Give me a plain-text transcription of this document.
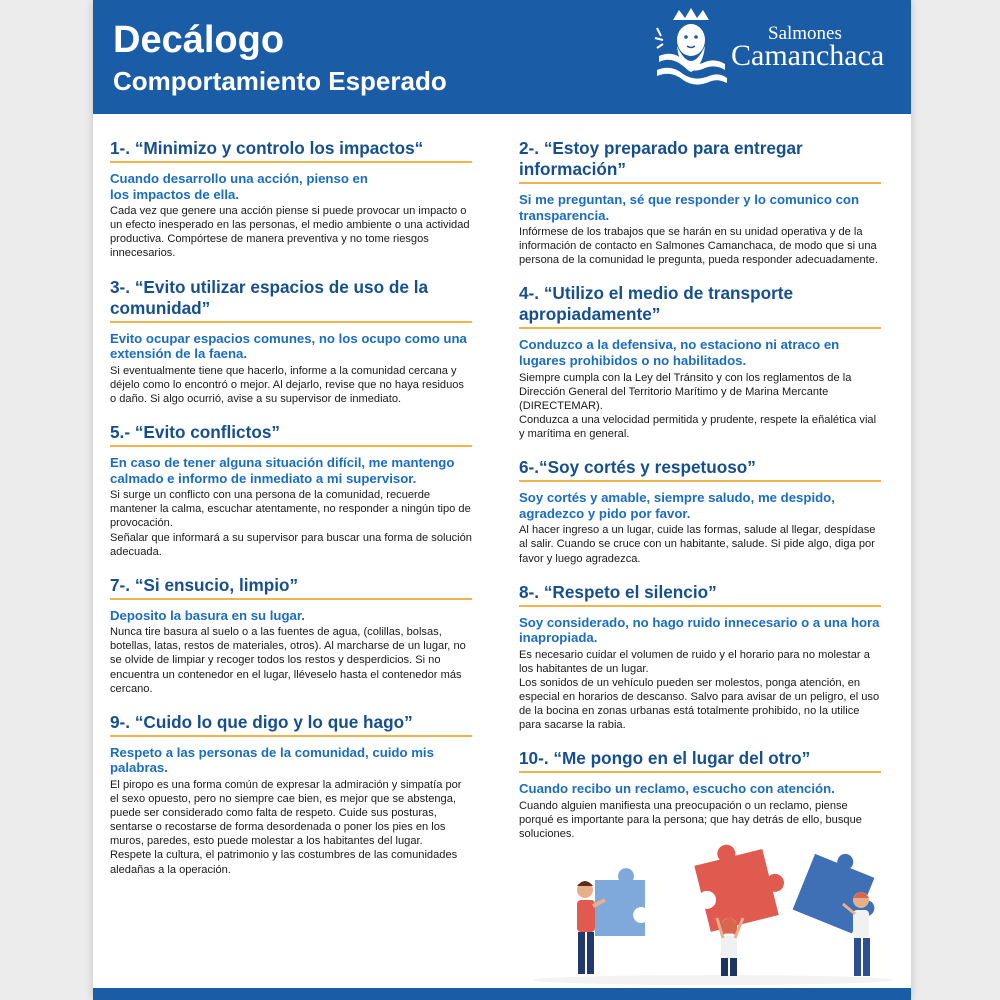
Decálogo
Comportamiento Esperado
Salmones
Camanchaca
1-. “Minimizo y controlo los impactos“

Cuando desarrollo una acción, pienso en
los impactos de ella.

Cada vez que genere una acción piense si puede provocar un impacto o un efecto inesperado en las personas, el medio ambiente o una actividad productiva. Compórtese de manera preventiva y no tome riesgos innecesarios.

3-. “Evito utilizar espacios de uso de la comunidad”

Evito ocupar espacios comunes, no los ocupo como una extensión de la faena.

Si eventualmente tiene que hacerlo, informe a la comunidad cercana y déjelo como lo encontró o mejor. Al dejarlo, revise que no haya residuos o daño. Si algo ocurrió, avise a su supervisor de inmediato.

5.- “Evito conflictos”

En caso de tener alguna situación difícil, me mantengo calmado e informo de inmediato a mi supervisor.

Si surge un conflicto con una persona de la comunidad, recuerde mantener la calma, escuchar atentamente, no responder a ningún tipo de provocación.
Señalar que informará a su supervisor para buscar una forma de solución adecuada.

7-. “Si ensucio, limpio”

Deposito la basura en su lugar.

Nunca tire basura al suelo o a las fuentes de agua, (colillas, bolsas, botellas, latas, restos de materiales, otros). Al marcharse de un lugar, no se olvide de limpiar y recoger todos los restos y desperdicios. Si no encuentra un contenedor en el lugar, lléveselo hasta el contenedor más cercano.

9-. “Cuido lo que digo y lo que hago”

Respeto a las personas de la comunidad, cuido mis palabras.

El piropo es una forma común de expresar la admiración y simpatía por el sexo opuesto, pero no siempre cae bien, es mejor que se abstenga, puede ser considerado como falta de respeto. Cuide sus posturas, sentarse o recostarse de forma desordenada o poner los pies en los muros, paredes, esto puede molestar a los habitantes del lugar.
Respete la cultura, el patrimonio y las costumbres de las comunidades aledañas a la operación.

2-. “Estoy preparado para entregar información”

Si me preguntan, sé que responder y lo comunico con transparencia.

Infórmese de los trabajos que se harán en su unidad operativa y de la información de contacto en Salmones Camanchaca, de modo que si una persona de la comunidad le pregunta, pueda responder adecuadamente.

4-. “Utilizo el medio de transporte apropiadamente”

Conduzco a la defensiva, no estaciono ni atraco en lugares prohibidos o no habilitados.

Siempre cumpla con la Ley del Tránsito y con los reglamentos de la Dirección General del Territorio Marítimo y de Marina Mercante (DIRECTEMAR).
Conduzca a una velocidad permitida y prudente, respete la eñalética vial y marítima en general.

6-.“Soy cortés y respetuoso”

Soy cortés y amable, siempre saludo, me despido, agradezco y pido por favor.

Al hacer ingreso a un lugar, cuide las formas, salude al llegar, despídase al salir. Cuando se cruce con un habitante, salude. Si pide algo, diga por favor y luego agradezca.

8-. “Respeto el silencio”

Soy considerado, no hago ruido innecesario o a una hora inapropiada.

Es necesario cuidar el volumen de ruido y el horario para no molestar a los habitantes de un lugar.
Los sonidos de un vehículo pueden ser molestos, ponga atención, en especial en horarios de descanso. Salvo para avisar de un peligro, el uso de la bocina en zonas urbanas está totalmente prohibido, no la utilice para sacarse la rabia.

10-. “Me pongo en el lugar del otro”

Cuando recibo un reclamo, escucho con atención.

Cuando alguien manifiesta una preocupación o un reclamo, piense porqué es importante para la persona; que hay detrás de ello, busque soluciones.
